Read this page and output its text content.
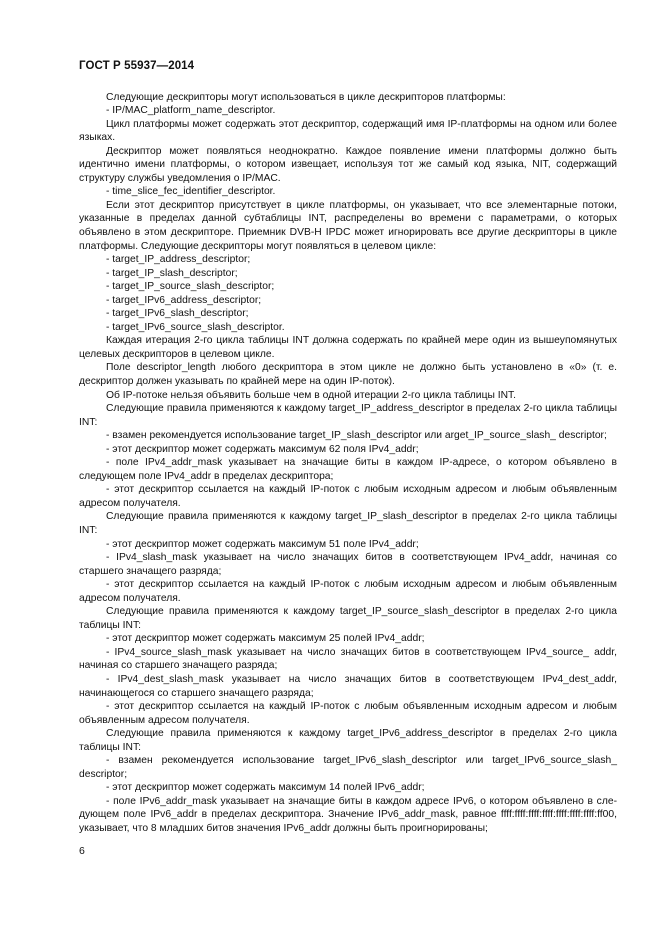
ГОСТ Р 55937—2014

Следующие дескрипторы могут использоваться в цикле дескрипторов платформы:

- IP/MAC_platform_name_descriptor.

Цикл платформы может содержать этот дескриптор, содержащий имя IP-платформы на одном или более языках.

Дескриптор может появляться неоднократно. Каждое появление имени платформы должно быть идентично имени платформы, о котором извещает, используя тот же самый код языка, NIT, содержащий структуру службы уведомления о IP/MAC.

- time_slice_fec_identifier_descriptor.

Если этот дескриптор присутствует в цикле платформы, он указывает, что все элементарные потоки, указанные в пределах данной субтаблицы INT, распределены во времени с параметрами, о которых объявлено в этом дескрипторе. Приемник DVB-H IPDC может игнорировать все другие дескрипторы в цикле платформы. Следующие дескрипторы могут появляться в целевом цикле:

- target_IP_address_descriptor;

- target_IP_slash_descriptor;

- target_IP_source_slash_descriptor;

- target_IPv6_address_descriptor;

- target_IPv6_slash_descriptor;

- target_IPv6_source_slash_descriptor.

Каждая итерация 2-го цикла таблицы INT должна содержать по крайней мере один из вышеупомянутых целевых дескрипторов в целевом цикле.

Поле descriptor_length любого дескриптора в этом цикле не должно быть установлено в «0» (т. е. дескриптор должен указывать по крайней мере на один IP-поток).

Об IP-потоке нельзя объявить больше чем в одной итерации 2-го цикла таблицы INT.

Следующие правила применяются к каждому target_IP_address_descriptor в пределах 2-го цикла таблицы INT:

- взамен рекомендуется использование target_IP_slash_descriptor или arget_IP_source_slash_ descriptor;

- этот дескриптор может содержать максимум 62 поля IPv4_addr;

- поле IPv4_addr_mask указывает на значащие биты в каждом IP-адресе, о котором объявлено в следующем поле IPv4_addr в пределах дескриптора;

- этот дескриптор ссылается на каждый IP-поток с любым исходным адресом и любым объявленным адресом получателя.

Следующие правила применяются к каждому target_IP_slash_descriptor в пределах 2-го цикла таблицы INT:

- этот дескриптор может содержать максимум 51 поле IPv4_addr;

- IPv4_slash_mask указывает на число значащих битов в соответствующем IPv4_addr, начиная со старшего значащего разряда;

- этот дескриптор ссылается на каждый IP-поток с любым исходным адресом и любым объявленным адресом получателя.

Следующие правила применяются к каждому target_IP_source_slash_descriptor в пределах 2-го цикла таблицы INT:

- этот дескриптор может содержать максимум 25 полей IPv4_addr;

- IPv4_source_slash_mask указывает на число значащих битов в соответствующем IPv4_source_ addr, начиная со старшего значащего разряда;

- IPv4_dest_slash_mask указывает на число значащих битов в соответствующем IPv4_dest_addr, начинающегося со старшего значащего разряда;

- этот дескриптор ссылается на каждый IP-поток с любым объявленным исходным адресом и любым объявленным адресом получателя.

Следующие правила применяются к каждому target_IPv6_address_descriptor в пределах 2-го цикла таблицы INT:

- взамен рекомендуется использование target_IPv6_slash_descriptor или target_IPv6_source_slash_ descriptor;

- этот дескриптор может содержать максимум 14 полей IPv6_addr;

- поле IPv6_addr_mask указывает на значащие биты в каждом адресе IPv6, о котором объявлено в следующем поле IPv6_addr в пределах дескриптора. Значение IPv6_addr_mask, равное ffff:ffff:ffff:ffff:ffff:ffff:ffff:ff00, указывает, что 8 младших битов значения IPv6_addr должны быть проигнорированы;

6
